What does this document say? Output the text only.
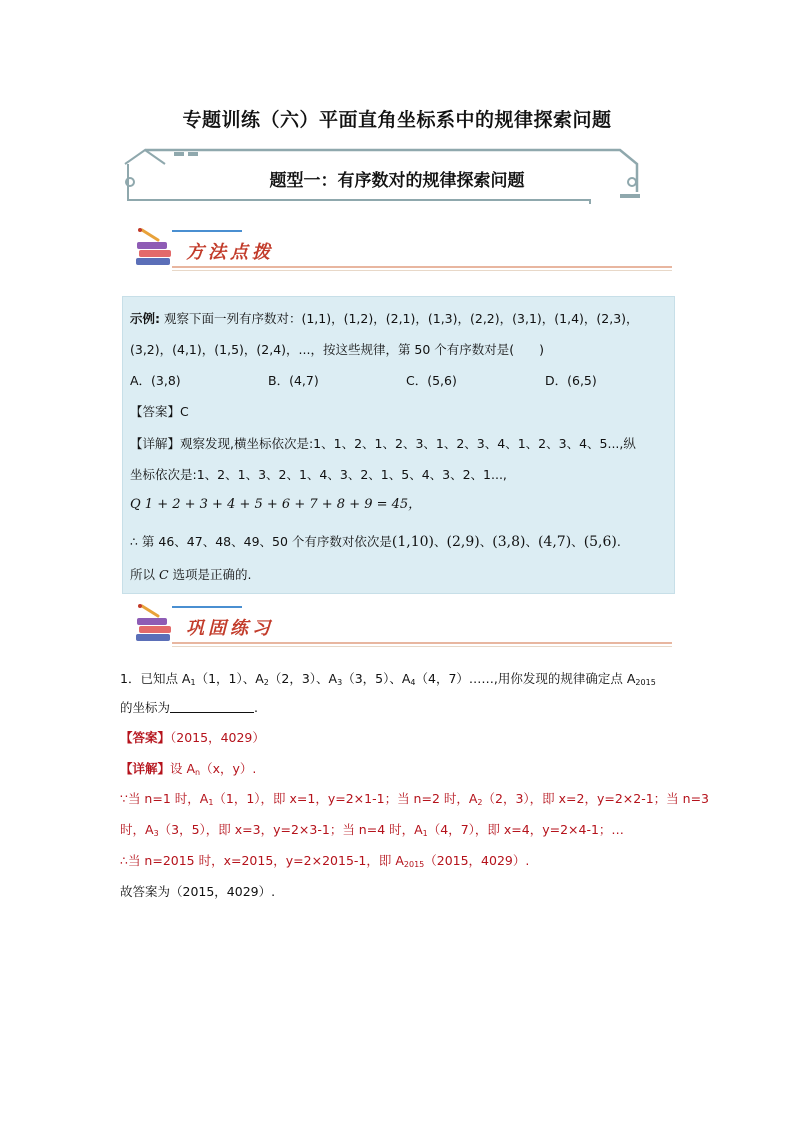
专题训练（六）平面直角坐标系中的规律探索问题
题型一：有序数对的规律探索问题
方法点拨
示例: 观察下面一列有序数对：(1,1)，(1,2)，(2,1)，(1,3)，(2,2)，(3,1)，(1,4)，(2,3)，
(3,2)，(4,1)，(1,5)，(2,4)，...，按这些规律，第 50 个有序数对是(　　)
A．(3,8)	B．(4,7)	C．(5,6)	D．(6,5)
【答案】C
【详解】观察发现,横坐标依次是:1、1、2、1、2、3、1、2、3、4、1、2、3、4、5...,纵
坐标依次是:1、2、1、3、2、1、4、3、2、1、5、4、3、2、1...,
Q 1 + 2 + 3 + 4 + 5 + 6 + 7 + 8 + 9 = 45，
∴ 第 46、47、48、49、50 个有序数对依次是(1,10)、(2,9)、(3,8)、(4,7)、(5,6).
所以 C 选项是正确的.
巩固练习
1．已知点 $A_1(1$，1）、$A_2(2$，3）、$A_3(3$，5）、$A_4(4$，7）……,用你发现的规律确定点 $A_{2015}$
的坐标为	.
【答案】（2015，4029）
【详解】设 $A_n(x$，y）.
∵当 n=1 时，$A_1(1$，1），即 x=1，y=2×1-1；当 n=2 时，$A_2(2$，3），即 x=2，y=2×2-1；当 n=3
时，$A_3(3$，5），即 x=3，y=2×3-1；当 n=4 时，$A_1(4$，7），即 x=4，y=2×4-1；…
∴当 n=2015 时，x=2015，y=2×2015-1，即 $A_{2015}(2015$，4029）.
故答案为（2015，4029）.
